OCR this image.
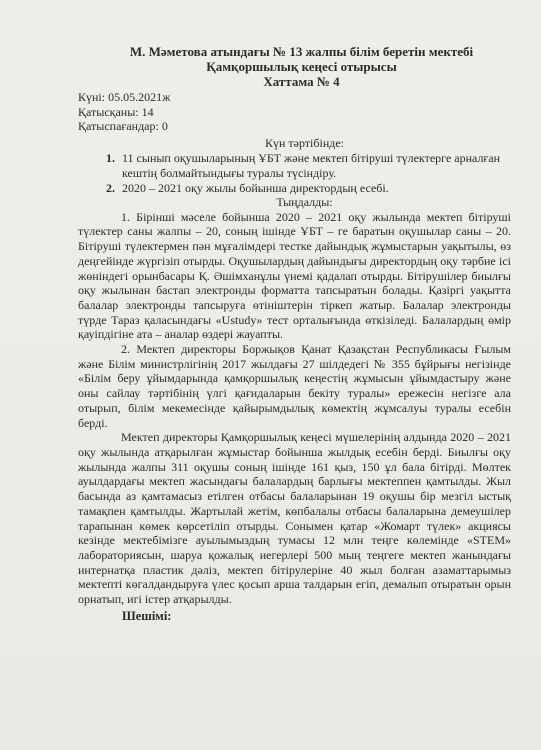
М. Мәметова атындағы № 13 жалпы білім беретін мектебі

Қамқоршылық кеңесі отырысы

Хаттама № 4

Күні: 05.05.2021ж

Қатысқаны: 14

Қатыспағандар: 0

Күн тәртібінде:

1. 11 сынып оқушыларының ҰБТ және мектеп бітіруші түлектерге арналған кештің болмайтындығы туралы түсіндіру.
2. 2020 – 2021 оқу жылы бойынша директордың есебі.

Тыңдалды:

1. Бірінші мәселе бойынша 2020 – 2021 оқу жылында мектеп бітіруші түлектер саны жалпы – 20, соның ішінде ҰБТ – ге баратын оқушылар саны – 20. Бітіруші түлектермен пән мұғалімдері тестке дайындық жұмыстарын уақытылы, өз деңгейінде жүргізіп отырды. Оқушылардың дайындығы директордың оқу тәрбие ісі жөніндегі орынбасары Қ. Әшімханұлы үнемі қадалап отырды. Бітірушілер биылғы оқу жылынан бастап электронды форматта тапсыратын болады. Қазіргі уақытта балалар электронды тапсыруға өтініштерін тіркеп жатыр. Балалар электронды түрде Тараз қаласындағы «Ustudy» тест орталығында өткізіледі. Балалардың өмір қауіпдігіне ата – аналар өздері жауапты.

2. Мектеп директоры Боржықов Қанат Қазақстан Республикасы Ғылым және Білім министрлігінің 2017 жылдағы 27 шілдедегі № 355 бұйрығы негізінде «Білім беру ұйымдарында қамқоршылық кеңестің жұмысын ұйымдастыру және оны сайлау тәртібінің үлгі қағидаларын бекіту туралы» ережесін негізге ала отырып, білім мекемесінде қайырымдылық көмектің жұмсалуы туралы есебін берді.

Мектеп директоры Қамқоршылық кеңесі мүшелерінің алдында 2020 – 2021 оқу жылында атқарылған жұмыстар бойынша жылдық есебін берді. Биылғы оқу жылында жалпы 311 оқушы соның ішінде 161 қыз, 150 ұл бала бітірді. Мөлтек ауылдардағы мектеп жасындағы балалардың барлығы мектеппен қамтылды. Жыл басында аз қамтамасыз етілген отбасы балаларынан 19 оқушы бір мезгіл ыстық тамақпен қамтылды. Жартылай жетім, көпбалалы отбасы балаларына демеушілер тарапынан көмек көрсетіліп отырды. Сонымен қатар «Жомарт түлек» акциясы кезінде мектебімізге ауылымыздың тумасы 12 млн теңге көлемінде «STEM» лабораториясын, шаруа қожалық иегерлері 500 мың теңгеге мектеп жанындағы интернатқа пластик дәліз, мектеп бітірулеріне 40 жыл болған азаматтарымыз мектепті көгалдандыруға үлес қосып арша талдарын егіп, демалып отыратын орын орнатып, игі істер атқарылды.

Шешімі:
